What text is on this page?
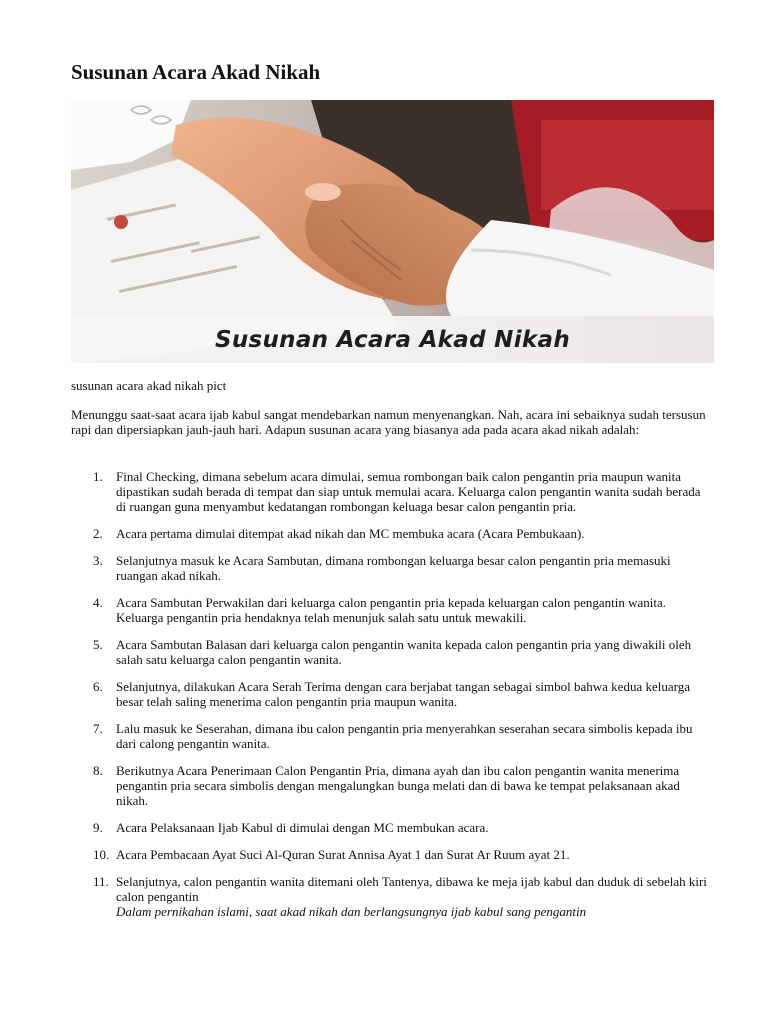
Susunan Acara Akad Nikah
Susunan Acara Akad Nikah

susunan acara akad nikah pict

Menunggu saat-saat acara ijab kabul sangat mendebarkan namun menyenangkan. Nah, acara ini sebaiknya sudah tersusun rapi dan dipersiapkan jauh-jauh hari. Adapun susunan acara yang biasanya ada pada acara akad nikah adalah:

1. Final Checking, dimana sebelum acara dimulai, semua rombongan baik calon pengantin pria maupun wanita dipastikan sudah berada di tempat dan siap untuk memulai acara. Keluarga calon pengantin wanita sudah berada di ruangan guna menyambut kedatangan rombongan keluaga besar calon pengantin pria.
2. Acara pertama dimulai ditempat akad nikah dan MC membuka acara (Acara Pembukaan).
3. Selanjutnya masuk ke Acara Sambutan, dimana rombongan keluarga besar calon pengantin pria memasuki ruangan akad nikah.
4. Acara Sambutan Perwakilan dari keluarga calon pengantin pria kepada keluargan calon pengantin wanita. Keluarga pengantin pria hendaknya telah menunjuk salah satu untuk mewakili.
5. Acara Sambutan Balasan dari keluarga calon pengantin wanita kepada calon pengantin pria yang diwakili oleh salah satu keluarga calon pengantin wanita.
6. Selanjutnya, dilakukan Acara Serah Terima dengan cara berjabat tangan sebagai simbol bahwa kedua keluarga besar telah saling menerima calon pengantin pria maupun wanita.
7. Lalu masuk ke Seserahan, dimana ibu calon pengantin pria menyerahkan seserahan secara simbolis kepada ibu dari calong pengantin wanita.
8. Berikutnya Acara Penerimaan Calon Pengantin Pria, dimana ayah dan ibu calon pengantin wanita menerima pengantin pria secara simbolis dengan mengalungkan bunga melati dan di bawa ke tempat pelaksanaan akad nikah.
9. Acara Pelaksanaan Ijab Kabul di dimulai dengan MC membukan acara.
10. Acara Pembacaan Ayat Suci Al-Quran Surat Annisa Ayat 1 dan Surat Ar Ruum ayat 21.
11. Selanjutnya, calon pengantin wanita ditemani oleh Tantenya, dibawa ke meja ijab kabul dan duduk di sebelah kiri calon pengantin
Dalam pernikahan islami, saat akad nikah dan berlangsungnya ijab kabul sang pengantin
